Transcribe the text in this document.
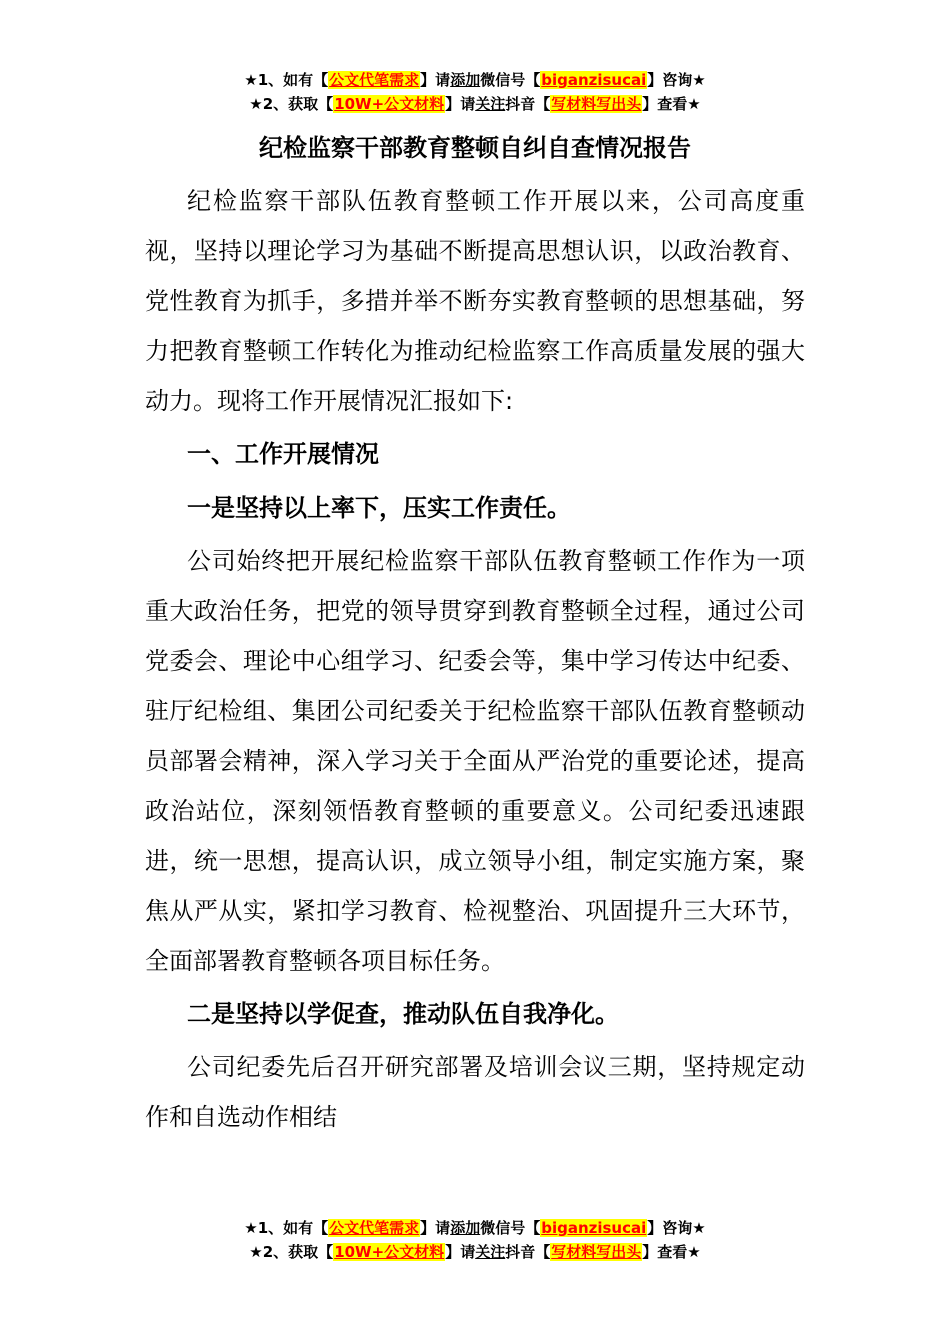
★1、如有【公文代笔需求】请添加微信号【biganzisucai】咨询★
★2、获取【10W+公文材料】请关注抖音【写材料写出头】查看★
纪检监察干部教育整顿自纠自查情况报告

纪检监察干部队伍教育整顿工作开展以来，公司高度重视，坚持以理论学习为基础不断提高思想认识，以政治教育、党性教育为抓手，多措并举不断夯实教育整顿的思想基础，努力把教育整顿工作转化为推动纪检监察工作高质量发展的强大动力。现将工作开展情况汇报如下:

一、工作开展情况

一是坚持以上率下，压实工作责任。

公司始终把开展纪检监察干部队伍教育整顿工作作为一项重大政治任务，把党的领导贯穿到教育整顿全过程，通过公司党委会、理论中心组学习、纪委会等，集中学习传达中纪委、驻厅纪检组、集团公司纪委关于纪检监察干部队伍教育整顿动员部署会精神，深入学习关于全面从严治党的重要论述，提高政治站位，深刻领悟教育整顿的重要意义。公司纪委迅速跟进，统一思想，提高认识，成立领导小组，制定实施方案，聚焦从严从实，紧扣学习教育、检视整治、巩固提升三大环节，全面部署教育整顿各项目标任务。

二是坚持以学促查，推动队伍自我净化。

公司纪委先后召开研究部署及培训会议三期，坚持规定动作和自选动作相结

★1、如有【公文代笔需求】请添加微信号【biganzisucai】咨询★
★2、获取【10W+公文材料】请关注抖音【写材料写出头】查看★
